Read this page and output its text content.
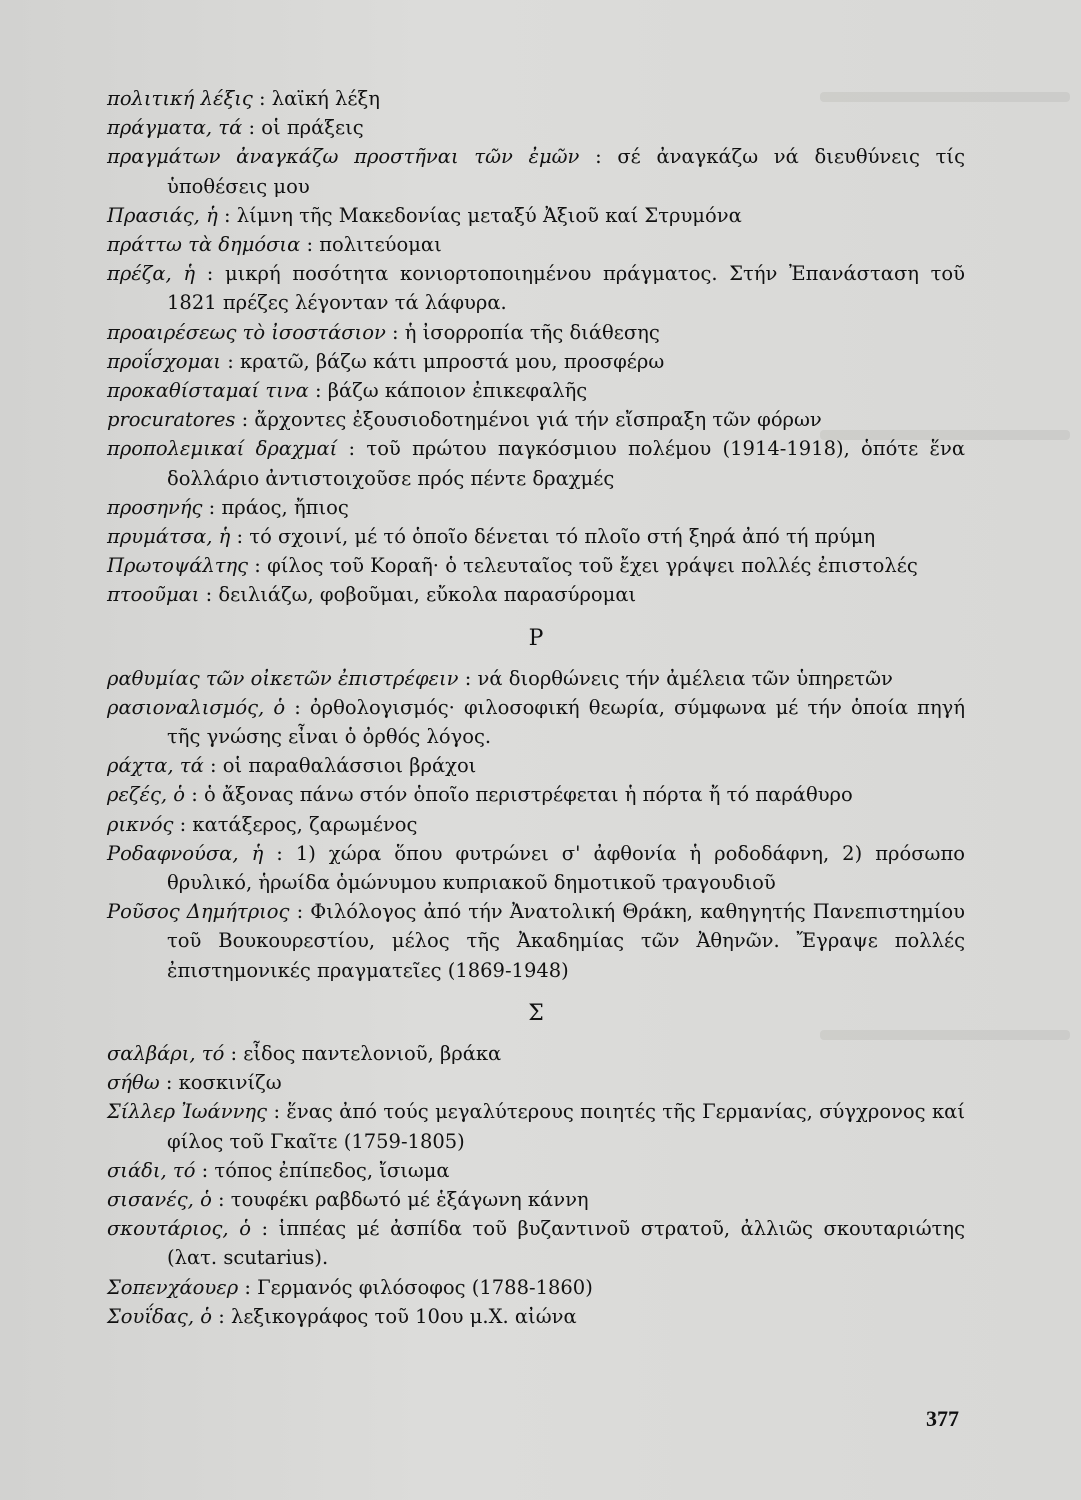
πολιτική λέξις : λαϊκή λέξη

πράγματα, τά : οἱ πράξεις

πραγμάτων ἀναγκάζω προστῆναι τῶν ἐμῶν : σέ ἀναγκάζω νά διευθύνεις τίς ὑποθέσεις μου

Πρασιάς, ἡ : λίμνη τῆς Μακεδονίας μεταξύ Ἀξιοῦ καί Στρυμόνα

πράττω τὰ δημόσια : πολιτεύομαι

πρέζα, ἡ : μικρή ποσότητα κονιορτοποιημένου πράγματος. Στήν Ἐπανάσταση τοῦ 1821 πρέζες λέγονταν τά λάφυρα.

προαιρέσεως τὸ ἰσοστάσιον : ἡ ἰσορροπία τῆς διάθεσης

προΐσχομαι : κρατῶ, βάζω κάτι μπροστά μου, προσφέρω

προκαθίσταμαί τινα : βάζω κάποιον ἐπικεφαλῆς

procuratores : ἄρχοντες ἐξουσιοδοτημένοι γιά τήν εἴσπραξη τῶν φόρων

προπολεμικαί δραχμαί : τοῦ πρώτου παγκόσμιου πολέμου (1914-1918), ὁπότε ἕνα δολλάριο ἀντιστοιχοῦσε πρός πέντε δραχμές

προσηνής : πράος, ἤπιος

πρυμάτσα, ἡ : τό σχοινί, μέ τό ὁποῖο δένεται τό πλοῖο στή ξηρά ἀπό τή πρύμη

Πρωτοψάλτης : φίλος τοῦ Κοραῆ· ὁ τελευταῖος τοῦ ἔχει γράψει πολλές ἐπιστολές

πτοοῦμαι : δειλιάζω, φοβοῦμαι, εὔκολα παρασύρομαι

Ρ

ραθυμίας τῶν οἰκετῶν ἐπιστρέφειν : νά διορθώνεις τήν ἀμέλεια τῶν ὑπηρετῶν

ρασιοναλισμός, ὁ : ὀρθολογισμός· φιλοσοφική θεωρία, σύμφωνα μέ τήν ὁποία πηγή τῆς γνώσης εἶναι ὁ ὀρθός λόγος.

ράχτα, τά : οἱ παραθαλάσσιοι βράχοι

ρεζές, ὁ : ὁ ἄξονας πάνω στόν ὁποῖο περιστρέφεται ἡ πόρτα ἤ τό παράθυρο

ρικνός : κατάξερος, ζαρωμένος

Ροδαφνούσα, ἡ : 1) χώρα ὅπου φυτρώνει σ' ἀφθονία ἡ ροδοδάφνη, 2) πρόσωπο θρυλικό, ἡρωίδα ὁμώνυμου κυπριακοῦ δημοτικοῦ τραγουδιοῦ

Ροῦσος Δημήτριος : Φιλόλογος ἀπό τήν Ἀνατολική Θράκη, καθηγητής Πανεπιστημίου τοῦ Βουκουρεστίου, μέλος τῆς Ἀκαδημίας τῶν Ἀθηνῶν. Ἔγραψε πολλές ἐπιστημονικές πραγματεῖες (1869-1948)

Σ

σαλβάρι, τό : εἶδος παντελονιοῦ, βράκα

σήθω : κοσκινίζω

Σίλλερ Ἰωάννης : ἕνας ἀπό τούς μεγαλύτερους ποιητές τῆς Γερμανίας, σύγχρονος καί φίλος τοῦ Γκαῖτε (1759-1805)

σιάδι, τό : τόπος ἐπίπεδος, ἴσιωμα

σισανές, ὁ : τουφέκι ραβδωτό μέ ἑξάγωνη κάννη

σκουτάριος, ὁ : ἱππέας μέ ἀσπίδα τοῦ βυζαντινοῦ στρατοῦ, ἀλλιῶς σκουταριώτης (λατ. scutarius).

Σοπενχάουερ : Γερμανός φιλόσοφος (1788-1860)

Σουΐδας, ὁ : λεξικογράφος τοῦ 10ου μ.Χ. αἰώνα

377
